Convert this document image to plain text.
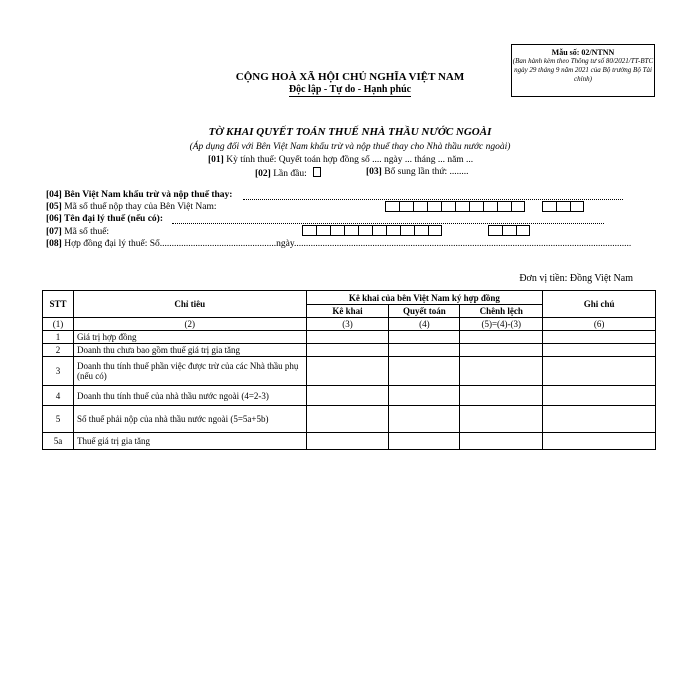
Mẫu số: 02/NTNN
(Ban hành kèm theo Thông tư số 80/2021/TT-BTC ngày 29 tháng 9 năm 2021 của Bộ trưởng Bộ Tài chính)
CỘNG HOÀ XÃ HỘI CHỦ NGHĨA VIỆT NAM
Độc lập - Tự do - Hạnh phúc
TỜ KHAI QUYẾT TOÁN THUẾ NHÀ THẦU NƯỚC NGOÀI
(Áp dụng đối với Bên Việt Nam khấu trừ và nộp thuế thay cho Nhà thầu nước ngoài)
[01] Kỳ tính thuế: Quyết toán hợp đồng số .... ngày ... tháng ... năm ...
[02] Lần đầu:	[03] Bổ sung lần thứ: ........
[04] Bên Việt Nam khấu trừ và nộp thuế thay:
[05] Mã số thuế nộp thay của Bên Việt Nam:
[06] Tên đại lý thuế (nếu có):
[07] Mã số thuế:
[08] Hợp đồng đại lý thuế: Số.................................................ngày..............................................................................................................................................
Đơn vị tiền: Đồng Việt Nam
STT	Chỉ tiêu	Kê khai của bên Việt Nam ký hợp đồng			Ghi chú
		Kê khai	Quyết toán	Chênh lệch	
(1)	(2)	(3)	(4)	(5)=(4)-(3)	(6)
1	Giá trị hợp đồng				
2	Doanh thu chưa bao gồm thuế giá trị gia tăng				
3	Doanh thu tính thuế phần việc được trừ của các Nhà thầu phụ (nếu có)				
4	Doanh thu tính thuế của nhà thầu nước ngoài (4=2-3)				
5	Số thuế phải nộp của nhà thầu nước ngoài (5=5a+5b)				
5a	Thuế giá trị gia tăng				
